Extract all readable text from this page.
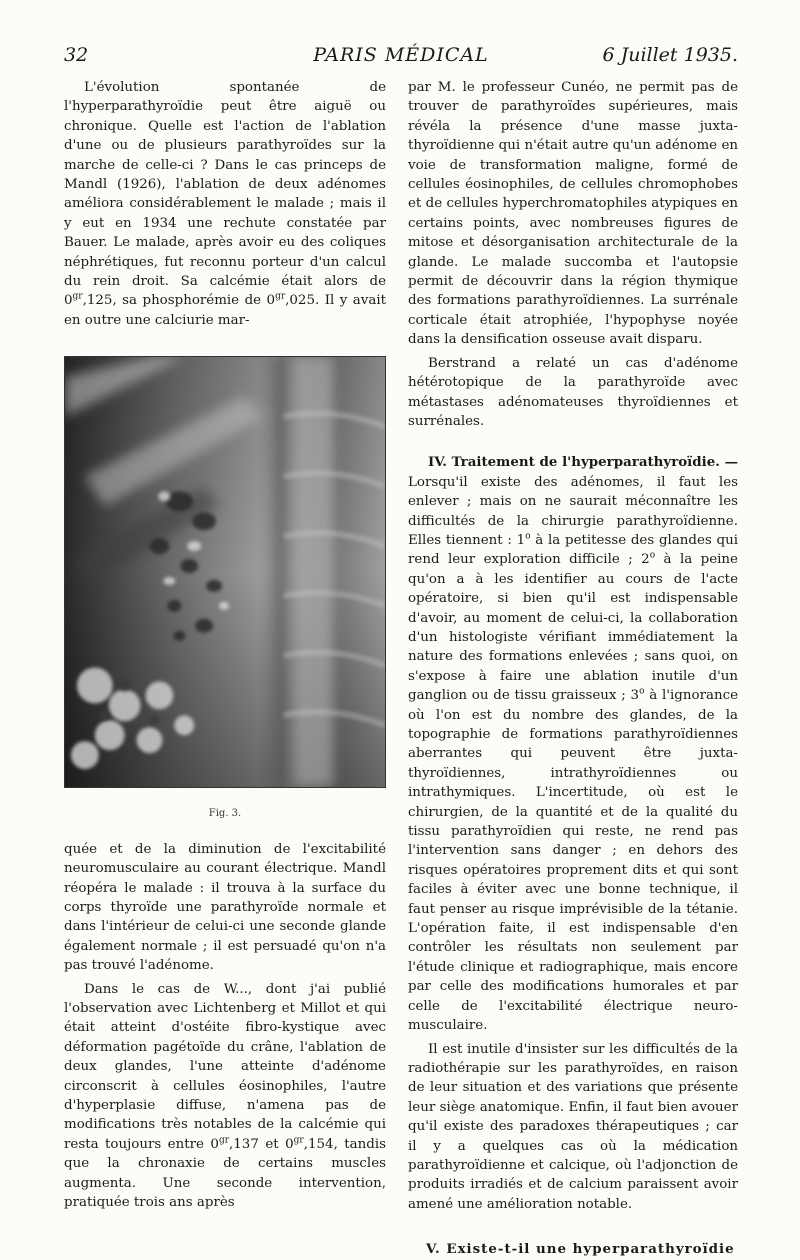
32	PARIS MÉDICAL	6 Juillet 1935.

L'évolution spontanée de l'hyperparathyroïdie peut être aiguë ou chronique. Quelle est l'action de l'ablation d'une ou de plusieurs parathyroïdes sur la marche de celle-ci ? Dans le cas princeps de Mandl (1926), l'ablation de deux adénomes améliora considérablement le malade ; mais il y eut en 1934 une rechute constatée par Bauer. Le malade, après avoir eu des coliques néphrétiques, fut reconnu porteur d'un calcul du rein droit. Sa calcémie était alors de $0^{gr},125$, sa phosphorémie de $0^{gr},025$. Il y avait en outre une calciurie mar-

Fig. 3.

quée et de la diminution de l'excitabilité neuromusculaire au courant électrique. Mandl réopéra le malade : il trouva à la surface du corps thyroïde une parathyroïde normale et dans l'intérieur de celui-ci une seconde glande également normale ; il est persuadé qu'on n'a pas trouvé l'adénome.

Dans le cas de W..., dont j'ai publié l'observation avec Lichtenberg et Millot et qui était atteint d'ostéite fibro-kystique avec déformation pagétoïde du crâne, l'ablation de deux glandes, l'une atteinte d'adénome circonscrit à cellules éosinophiles, l'autre d'hyperplasie diffuse, n'amena pas de modifications très notables de la calcémie qui resta toujours entre $0^{gr},137$ et $0^{gr},154$, tandis que la chronaxie de certains muscles augmenta. Une seconde intervention, pratiquée trois ans après

par M. le professeur Cunéo, ne permit pas de trouver de parathyroïdes supérieures, mais révéla la présence d'une masse juxta-thyroïdienne qui n'était autre qu'un adénome en voie de transformation maligne, formé de cellules éosinophiles, de cellules chromophobes et de cellules hyperchromatophiles atypiques en certains points, avec nombreuses figures de mitose et désorganisation architecturale de la glande. Le malade succomba et l'autopsie permit de découvrir dans la région thymique des formations parathyroïdiennes. La surrénale corticale était atrophiée, l'hypophyse noyée dans la densification osseuse avait disparu.

Berstrand a relaté un cas d'adénome hétérotopique de la parathyroïde avec métastases adénomateuses thyroïdiennes et surrénales.

IV. Traitement de l'hyperparathyroïdie. — Lorsqu'il existe des adénomes, il faut les enlever ; mais on ne saurait méconnaître les difficultés de la chirurgie parathyroïdienne. Elles tiennent : 1$^o$ à la petitesse des glandes qui rend leur exploration difficile ; 2$^o$ à la peine qu'on a à les identifier au cours de l'acte opératoire, si bien qu'il est indispensable d'avoir, au moment de celui-ci, la collaboration d'un histologiste vérifiant immédiatement la nature des formations enlevées ; sans quoi, on s'expose à faire une ablation inutile d'un ganglion ou de tissu graisseux ; 3$^o$ à l'ignorance où l'on est du nombre des glandes, de la topographie de formations parathyroïdiennes aberrantes qui peuvent être juxta-thyroïdiennes, intrathyroïdiennes ou intrathymiques. L'incertitude, où est le chirurgien, de la quantité et de la qualité du tissu parathyroïdien qui reste, ne rend pas l'intervention sans danger ; en dehors des risques opératoires proprement dits et qui sont faciles à éviter avec une bonne technique, il faut penser au risque imprévisible de la tétanie. L'opération faite, il est indispensable d'en contrôler les résultats non seulement par l'étude clinique et radiographique, mais encore par celle des modifications humorales et par celle de l'excitabilité électrique neuro-musculaire.

Il est inutile d'insister sur les difficultés de la radiothérapie sur les parathyroïdes, en raison de leur situation et des variations que présente leur siège anatomique. Enfin, il faut bien avouer qu'il existe des paradoxes thérapeutiques ; car il y a quelques cas où la médication parathyroïdienne et calcique, où l'adjonction de produits irradiés et de calcium paraissent avoir amené une amélioration notable.

V. Existe-t-il une hyperparathyroïdie
